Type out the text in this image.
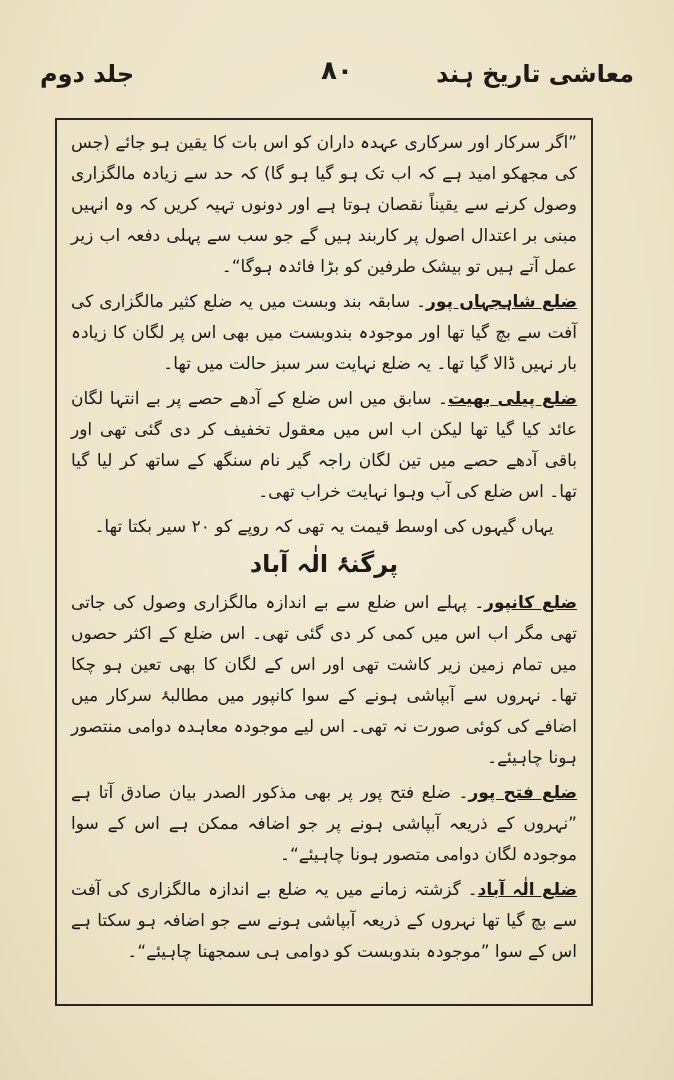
معاشی تاریخ ہند
۸۰
جلد دوم

”اگر سرکار اور سرکاری عہدہ داران کو اس بات کا یقین ہو جائے (جس کی مجھکو امید ہے کہ اب تک ہو گیا ہو گا) کہ حد سے زیادہ مالگزاری وصول کرنے سے یقیناً نقصان ہوتا ہے اور دونوں تہیہ کریں کہ وہ انہیں مبنی بر اعتدال اصول پر کاربند ہیں گے جو سب سے پہلی دفعہ اب زیر عمل آتے ہیں تو بیشک طرفین کو بڑا فائدہ ہوگا“۔

ضلع شاہجہاں پور۔ سابقہ بند وبست میں یہ ضلع کثیر مالگزاری کی آفت سے بچ گیا تھا اور موجودہ بندوبست میں بھی اس پر لگان کا زیادہ بار نہیں ڈالا گیا تھا۔ یہ ضلع نہایت سر سبز حالت میں تھا۔

ضلع پیلی بھیت۔ سابق میں اس ضلع کے آدھے حصے پر بے انتہا لگان عائد کیا گیا تھا لیکن اب اس میں معقول تخفیف کر دی گئی تھی اور باقی آدھے حصے میں تین لگان راجہ گیر نام سنگھ کے ساتھ کر لیا گیا تھا۔ اس ضلع کی آب وہوا نہایت خراب تھی۔

یہاں گیہوں کی اوسط قیمت یہ تھی کہ روپے کو ۲۰ سیر بکتا تھا۔

پرگنۂ الٰہ آباد

ضلع کانپور۔ پہلے اس ضلع سے بے اندازہ مالگزاری وصول کی جاتی تھی مگر اب اس میں کمی کر دی گئی تھی۔ اس ضلع کے اکثر حصوں میں تمام زمین زیر کاشت تھی اور اس کے لگان کا بھی تعین ہو چکا تھا۔ نہروں سے آبپاشی ہونے کے سوا کانپور میں مطالبۂ سرکار میں اضافے کی کوئی صورت نہ تھی۔ اس لیے موجودہ معاہدہ دوامی منتصور ہونا چاہیئے۔

ضلع فتح پور۔ ضلع فتح پور پر بھی مذکور الصدر بیان صادق آتا ہے ”نہروں کے ذریعہ آبپاشی ہونے پر جو اضافہ ممکن ہے اس کے سوا موجودہ لگان دوامی متصور ہونا چاہیئے“۔

ضلع الٰہ آباد۔ گزشتہ زمانے میں یہ ضلع بے اندازہ مالگزاری کی آفت سے بچ گیا تھا نہروں کے ذریعہ آبپاشی ہونے سے جو اضافہ ہو سکتا ہے اس کے سوا ”موجودہ بندوبست کو دوامی ہی سمجھنا چاہیئے“۔
